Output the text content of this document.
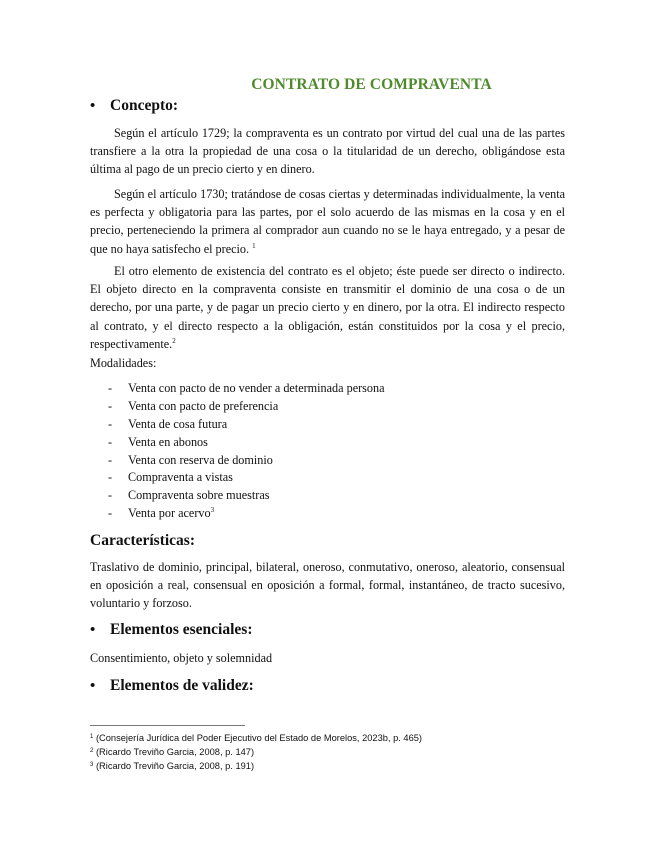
CONTRATO DE COMPRAVENTA
• Concepto:

Según el artículo 1729; la compraventa es un contrato por virtud del cual una de las partes transfiere a la otra la propiedad de una cosa o la titularidad de un derecho, obligándose esta última al pago de un precio cierto y en dinero.

Según el artículo 1730; tratándose de cosas ciertas y determinadas individualmente, la venta es perfecta y obligatoria para las partes, por el solo acuerdo de las mismas en la cosa y en el precio, perteneciendo la primera al comprador aun cuando no se le haya entregado, y a pesar de que no haya satisfecho el precio. $^1$

El otro elemento de existencia del contrato es el objeto; éste puede ser directo o indirecto. El objeto directo en la compraventa consiste en transmitir el dominio de una cosa o de un derecho, por una parte, y de pagar un precio cierto y en dinero, por la otra. El indirecto respecto al contrato, y el directo respecto a la obligación, están constituidos por la cosa y el precio, respectivamente.$^2$

Modalidades:
- Venta con pacto de no vender a determinada persona
- Venta con pacto de preferencia
- Venta de cosa futura
- Venta en abonos
- Venta con reserva de dominio
- Compraventa a vistas
- Compraventa sobre muestras
- Venta por acervo$^3$
Características:

Traslativo de dominio, principal, bilateral, oneroso, conmutativo, oneroso, aleatorio, consensual en oposición a real, consensual en oposición a formal, formal, instantáneo, de tracto sucesivo, voluntario y forzoso.

• Elementos esenciales:
Consentimiento, objeto y solemnidad
• Elementos de validez:
$^1$ (Consejería Jurídica del Poder Ejecutivo del Estado de Morelos, 2023b, p. 465)
$^2$ (Ricardo Treviño Garcia, 2008, p. 147)
$^3$ (Ricardo Treviño Garcia, 2008, p. 191)
